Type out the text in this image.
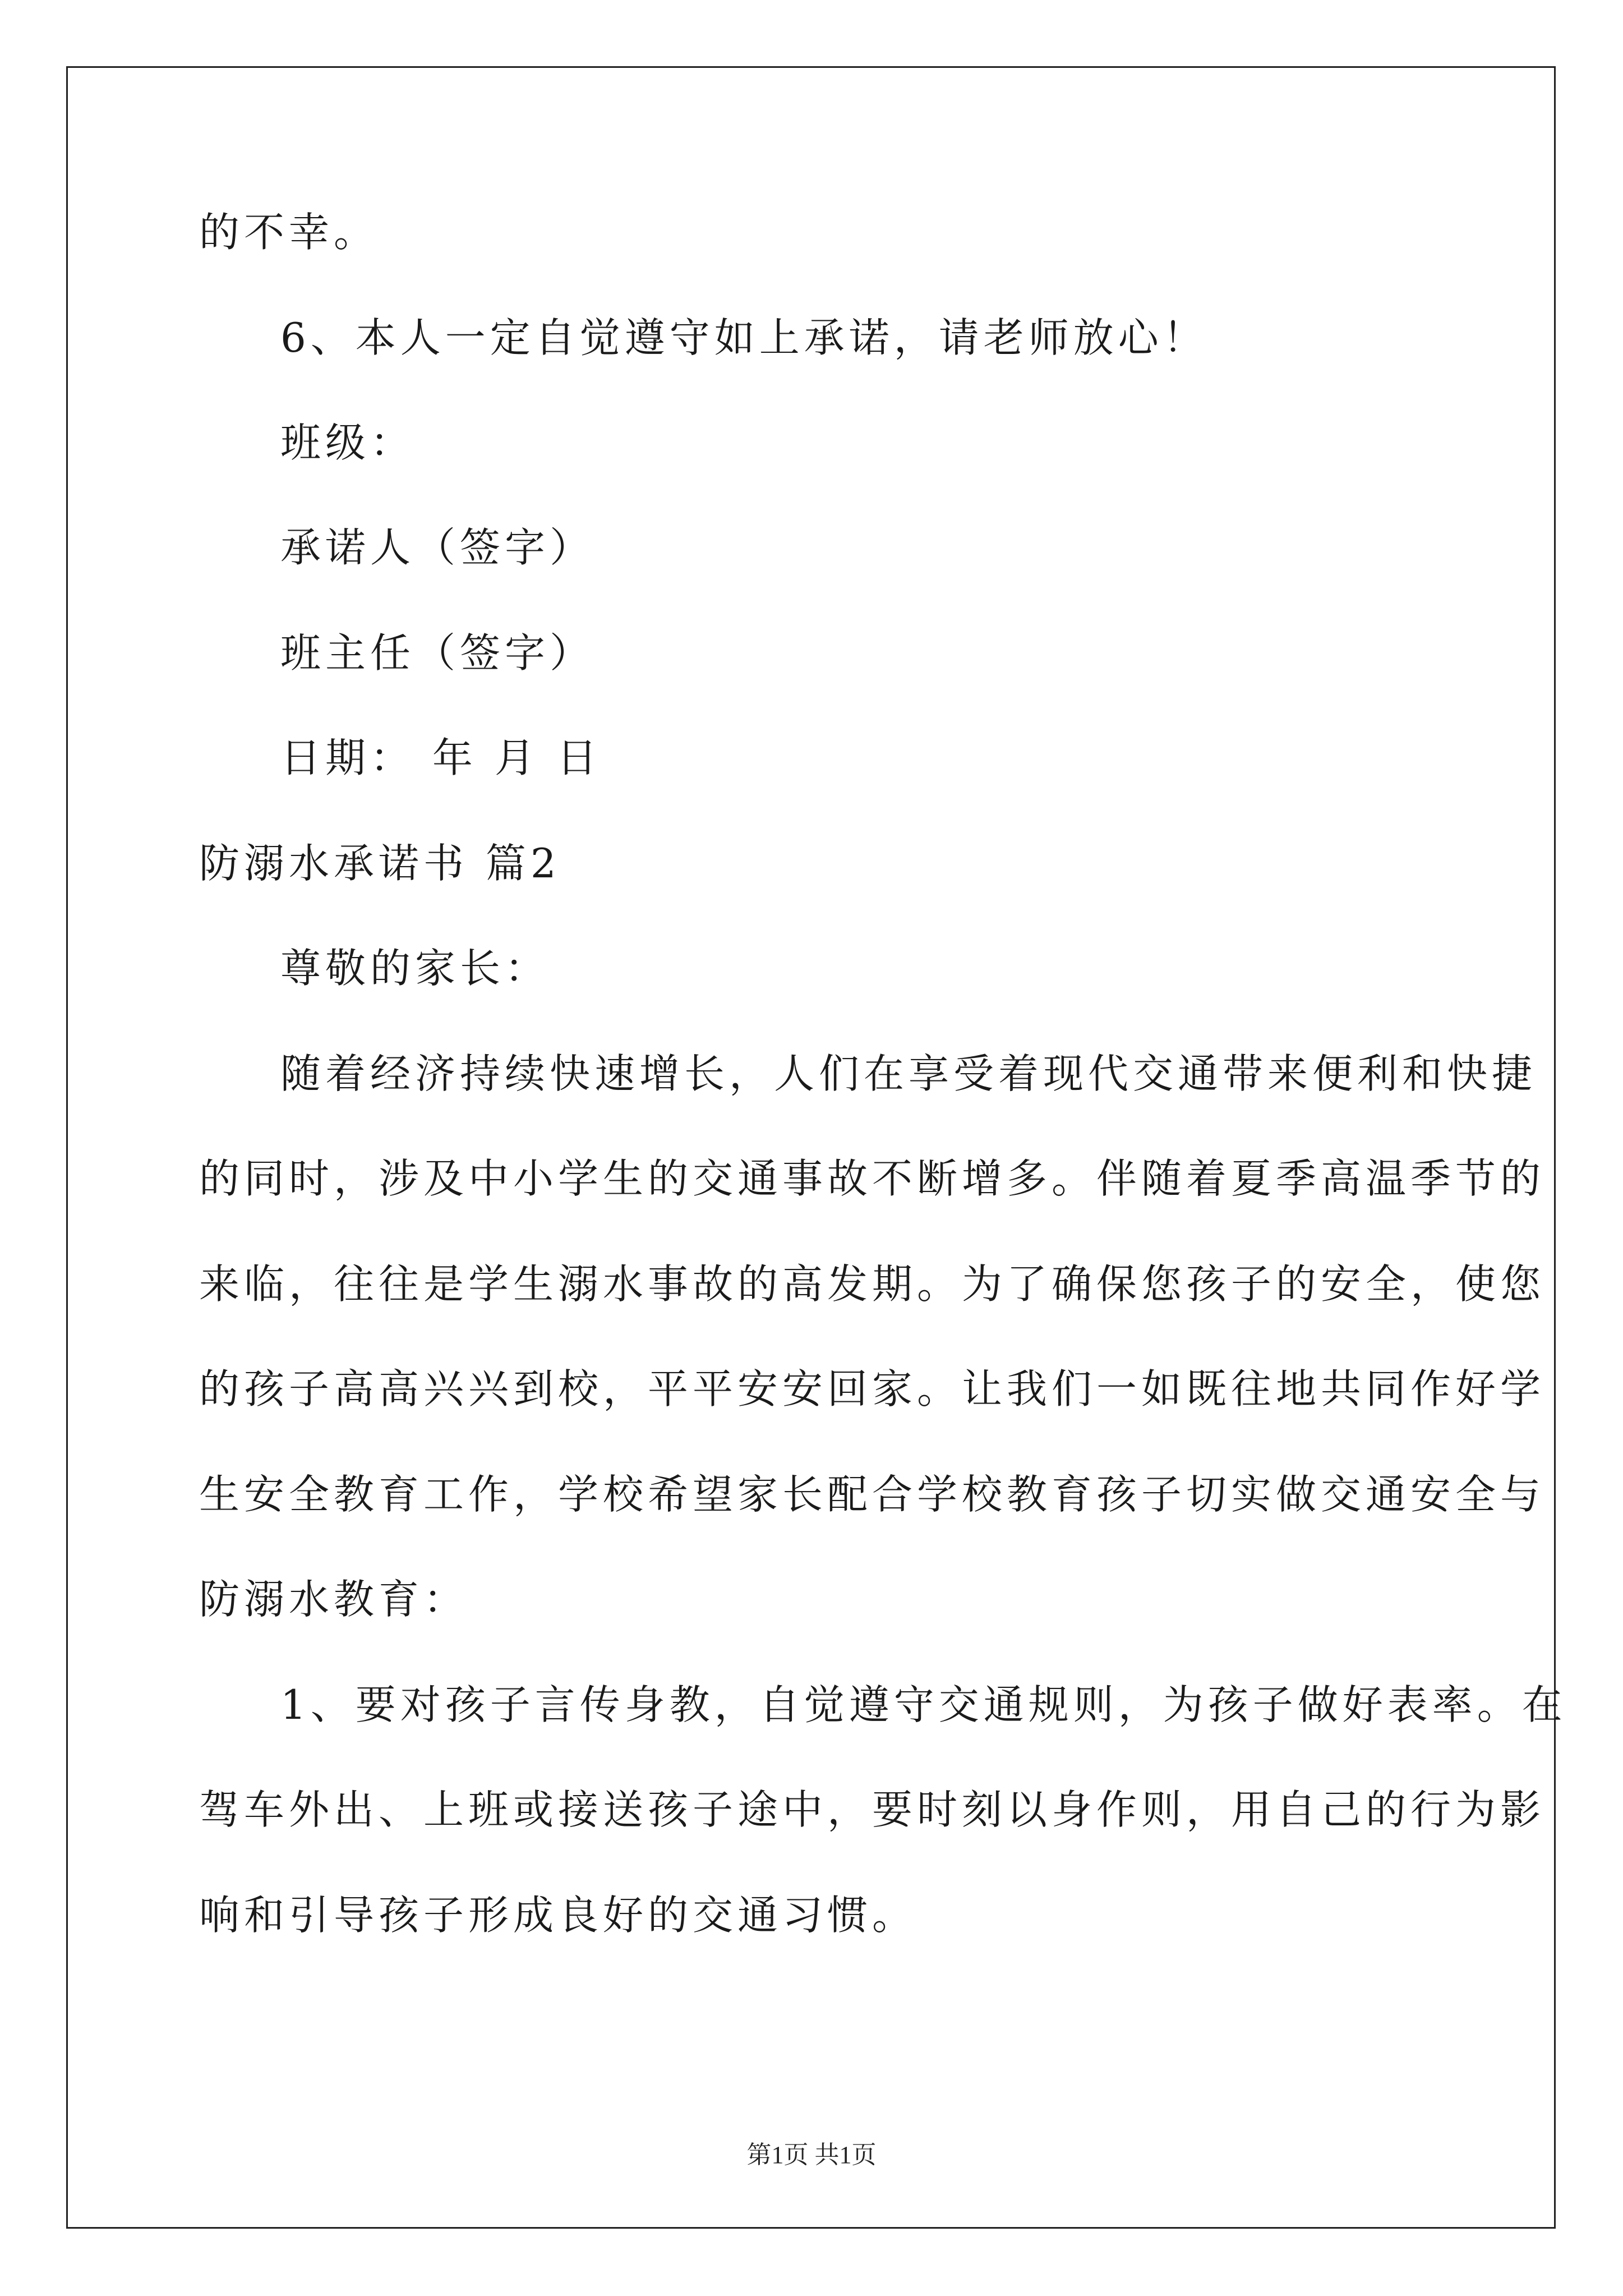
的不幸。
6、本人一定自觉遵守如上承诺，请老师放心！
班级：
承诺人（签字）
班主任（签字）
日期： 年 月 日
防溺水承诺书 篇2
尊敬的家长：
随着经济持续快速增长，人们在享受着现代交通带来便利和快捷
的同时，涉及中小学生的交通事故不断增多。伴随着夏季高温季节的
来临，往往是学生溺水事故的高发期。为了确保您孩子的安全，使您
的孩子高高兴兴到校，平平安安回家。让我们一如既往地共同作好学
生安全教育工作，学校希望家长配合学校教育孩子切实做交通安全与
防溺水教育：
1、要对孩子言传身教，自觉遵守交通规则，为孩子做好表率。在
驾车外出、上班或接送孩子途中，要时刻以身作则，用自己的行为影
响和引导孩子形成良好的交通习惯。
第1页 共1页
